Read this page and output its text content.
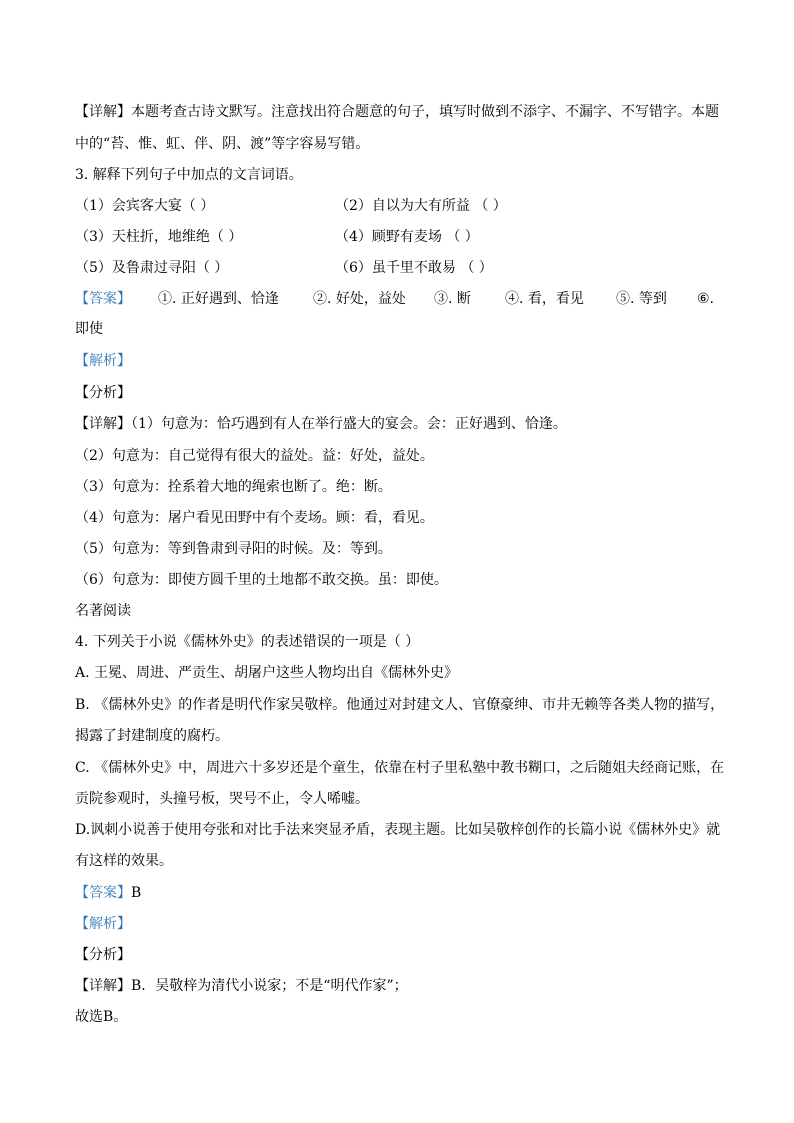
【详解】本题考查古诗文默写。注意找出符合题意的句子，填写时做到不添字、不漏字、不写错字。本题
中的“苔、惟、虹、伴、阴、渡”等字容易写错。
3. 解释下列句子中加点的文言词语。
（1）会宾客大宴（ ）	（2）自以为大有所益 （ ）
（3）天柱折，地维绝（ ）	（4）顾野有麦场 （ ）
（5）及鲁肃过寻阳（ ）	（6）虽千里不敢易 （ ）
【答案】 ①. 正好遇到、恰逢 ②. 好处，益处 ③. 断 ④. 看，看见 ⑤. 等到 ⑥.
即使
【解析】
【分析】
【详解】（1）句意为：恰巧遇到有人在举行盛大的宴会。会：正好遇到、恰逢。
（2）句意为：自己觉得有很大的益处。益：好处，益处。
（3）句意为：拴系着大地的绳索也断了。绝：断。
（4）句意为：屠户看见田野中有个麦场。顾：看，看见。
（5）句意为：等到鲁肃到寻阳的时候。及：等到。
（6）句意为：即使方圆千里的土地都不敢交换。虽：即使。
名著阅读
4. 下列关于小说《儒林外史》的表述错误的一项是（ ）
A. 王冕、周进、严贡生、胡屠户这些人物均出自《儒林外史》
B. 《儒林外史》的作者是明代作家吴敬梓。他通过对封建文人、官僚豪绅、市井无赖等各类人物的描写，
揭露了封建制度的腐朽。
C. 《儒林外史》中，周进六十多岁还是个童生，依靠在村子里私塾中教书糊口，之后随姐夫经商记账，在
贡院参观时，头撞号板，哭号不止，令人唏嘘。
D.讽刺小说善于使用夸张和对比手法来突显矛盾，表现主题。比如吴敬梓创作的长篇小说《儒林外史》就
有这样的效果。
【答案】B
【解析】
【分析】
【详解】B．吴敬梓为清代小说家；不是“明代作家”；
故选B。
